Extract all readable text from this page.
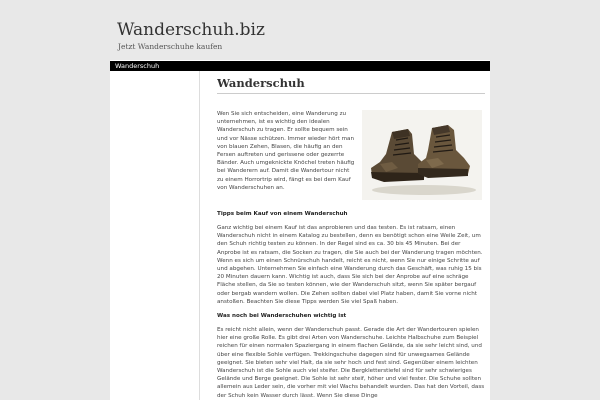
Wanderschuh.biz
Jetzt Wanderschuhe kaufen
Wanderschuh
Wanderschuh

Wen Sie sich entscheiden, eine Wanderung zu unternehmen, ist es wichtig den idealen Wanderschuh zu tragen. Er sollte bequem sein und vor Nässe schützen. Immer wieder hört man von blauen Zehen, Blasen, die häufig an den Fersen auftreten und gerissene oder gezerrte Bänder. Auch umgeknickte Knöchel treten häufig bei Wanderern auf. Damit die Wandertour nicht zu einem Horrortrip wird, fängt es bei dem Kauf von Wanderschuhen an.

Tipps beim Kauf von einem Wanderschuh

Ganz wichtig bei einem Kauf ist das anprobieren und das testen. Es ist ratsam, einen Wanderschuh nicht in einem Katalog zu bestellen, denn es benötigt schon eine Weile Zeit, um den Schuh richtig testen zu können. In der Regel sind es ca. 30 bis 45 Minuten. Bei der Anprobe ist es ratsam, die Socken zu tragen, die Sie auch bei der Wanderung tragen möchten. Wenn es sich um einen Schnürschuh handelt, reicht es nicht, wenn Sie nur einige Schritte auf und abgehen. Unternehmen Sie einfach eine Wanderung durch das Geschäft, was ruhig 15 bis 20 Minuten dauern kann. Wichtig ist auch, dass Sie sich bei der Anprobe auf eine schräge Fläche stellen, da Sie so testen können, wie der Wanderschuh sitzt, wenn Sie später bergauf oder bergab wandern wollen. Die Zehen sollten dabei viel Platz haben, damit Sie vorne nicht anstoßen. Beachten Sie diese Tipps werden Sie viel Spaß haben.

Was noch bei Wanderschuhen wichtig ist

Es reicht nicht allein, wenn der Wanderschuh passt. Gerade die Art der Wandertouren spielen hier eine große Rolle. Es gibt drei Arten von Wanderschuhe. Leichte Halbschuhe zum Beispiel reichen für einen normalen Spaziergang in einem flachen Gelände, da sie sehr leicht sind, und über eine flexible Sohle verfügen. Trekkingschuhe dagegen sind für unwegsames Gelände geeignet. Sie bieten sehr viel Halt, da sie sehr hoch und fest sind. Gegenüber einem leichten Wanderschuh ist die Sohle auch viel steifer. Die Bergkletterstiefel sind für sehr schwieriges Gelände und Berge geeignet. Die Sohle ist sehr steif, höher und viel fester. Die Schuhe sollten allemein aus Leder sein, die vorher mit viel Wachs behandelt wurden. Das hat den Vorteil, dass der Schuh kein Wasser durch lässt. Wenn Sie diese Dinge
